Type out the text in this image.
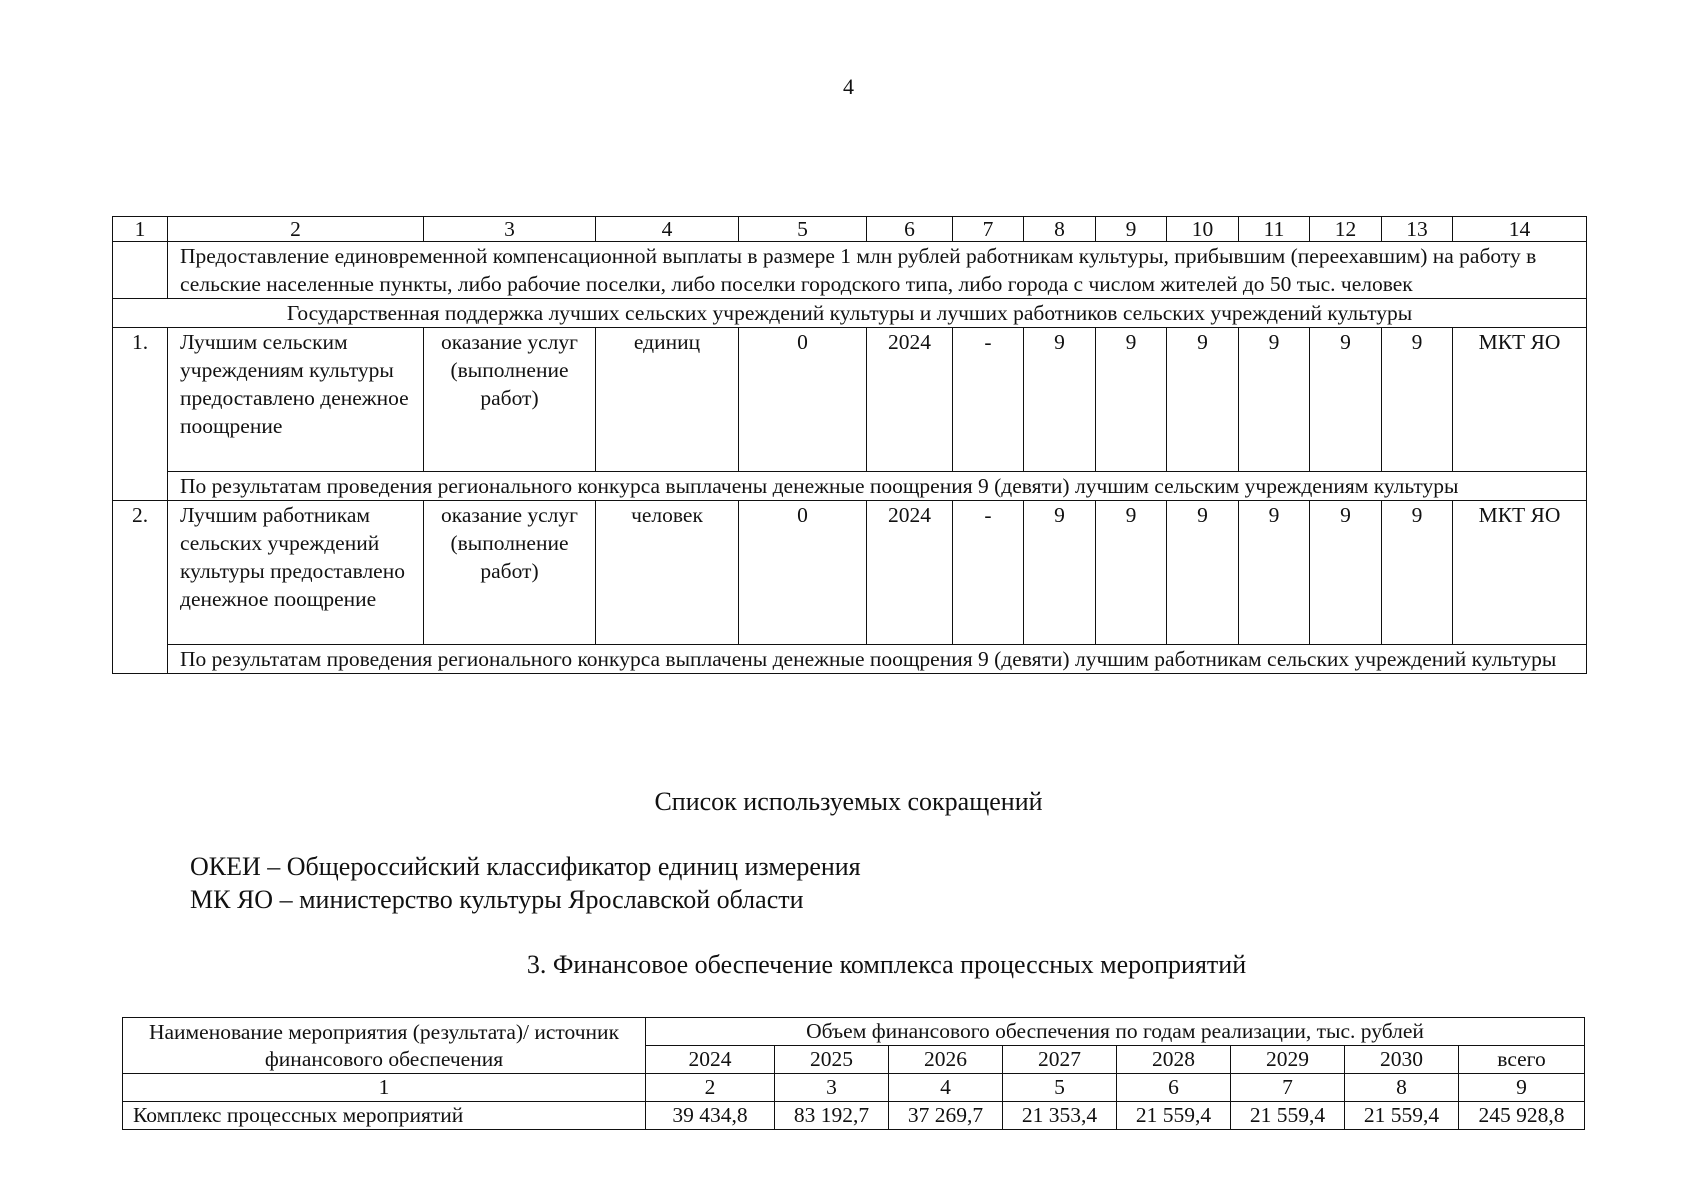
4
1	2	3	4	5	6	7	8	9	10	11	12	13	14
	Предоставление единовременной компенсационной выплаты в размере 1 млн рублей работникам культуры, прибывшим (переехавшим) на работу в сельские населенные пункты, либо рабочие поселки, либо поселки городского типа, либо города с числом жителей до 50 тыс. человек												
Государственная поддержка лучших сельских учреждений культуры и лучших работников сельских учреждений культуры													
1.	Лучшим сельским учреждениям культуры предоставлено денежное поощрение	оказание услуг (выполнение работ)	единиц	0	2024	-	9	9	9	9	9	9	МКТ ЯО
	По результатам проведения регионального конкурса выплачены денежные поощрения 9 (девяти) лучшим сельским учреждениям культуры												
2.	Лучшим работникам сельских учреждений культуры предоставлено денежное поощрение	оказание услуг (выполнение работ)	человек	0	2024	-	9	9	9	9	9	9	МКТ ЯО
	По результатам проведения регионального конкурса выплачены денежные поощрения 9 (девяти) лучшим работникам сельских учреждений культуры												
Список используемых сокращений
ОКЕИ – Общероссийский классификатор единиц измерения
МК ЯО – министерство культуры Ярославской области
3. Финансовое обеспечение комплекса процессных мероприятий
Наименование мероприятия (результата)/ источник финансового обеспечения	Объем финансового обеспечения по годам реализации, тыс. рублей							
	2024	2025	2026	2027	2028	2029	2030	всего
1	2	3	4	5	6	7	8	9
Комплекс процессных мероприятий	39 434,8	83 192,7	37 269,7	21 353,4	21 559,4	21 559,4	21 559,4	245 928,8
